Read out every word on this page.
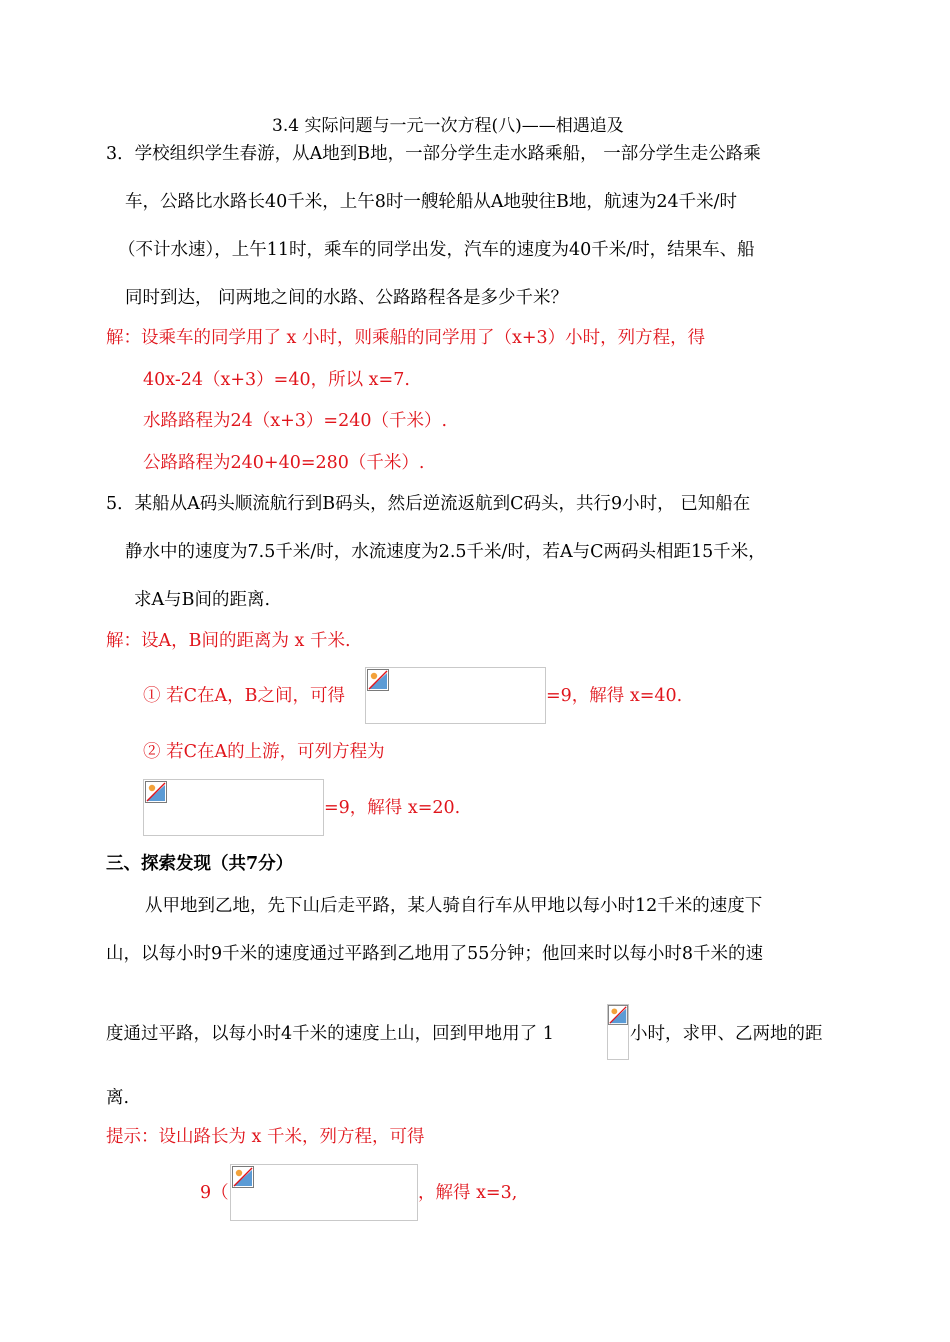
3.4 实际问题与一元一次方程(八)——相遇追及
3．学校组织学生春游，从A地到B地，一部分学生走水路乘船， 一部分学生走公路乘
车，公路比水路长40千米，上午8时一艘轮船从A地驶往B地，航速为24千米/时
（不计水速），上午11时，乘车的同学出发，汽车的速度为40千米/时，结果车、船
同时到达， 问两地之间的水路、公路路程各是多少千米？
解：设乘车的同学用了 x 小时，则乘船的同学用了（x+3）小时，列方程，得
40x-24（x+3）=40，所以 x=7.
水路路程为24（x+3）=240（千米）.
公路路程为240+40=280（千米）.
5．某船从A码头顺流航行到B码头，然后逆流返航到C码头，共行9小时， 已知船在
静水中的速度为7.5千米/时，水流速度为2.5千米/时，若A与C两码头相距15千米，
求A与B间的距离.
解：设A，B间的距离为 x 千米.
① 若C在A，B之间，可得	=9，解得 x=40.
② 若C在A的上游，可列方程为
=9，解得 x=20.
三、探索发现（共7分）
从甲地到乙地，先下山后走平路，某人骑自行车从甲地以每小时12千米的速度下
山，以每小时9千米的速度通过平路到乙地用了55分钟；他回来时以每小时8千米的速
度通过平路，以每小时4千米的速度上山，回到甲地用了 1	小时，求甲、乙两地的距
离.
提示：设山路长为 x 千米，列方程，可得
9（	，解得 x=3,
